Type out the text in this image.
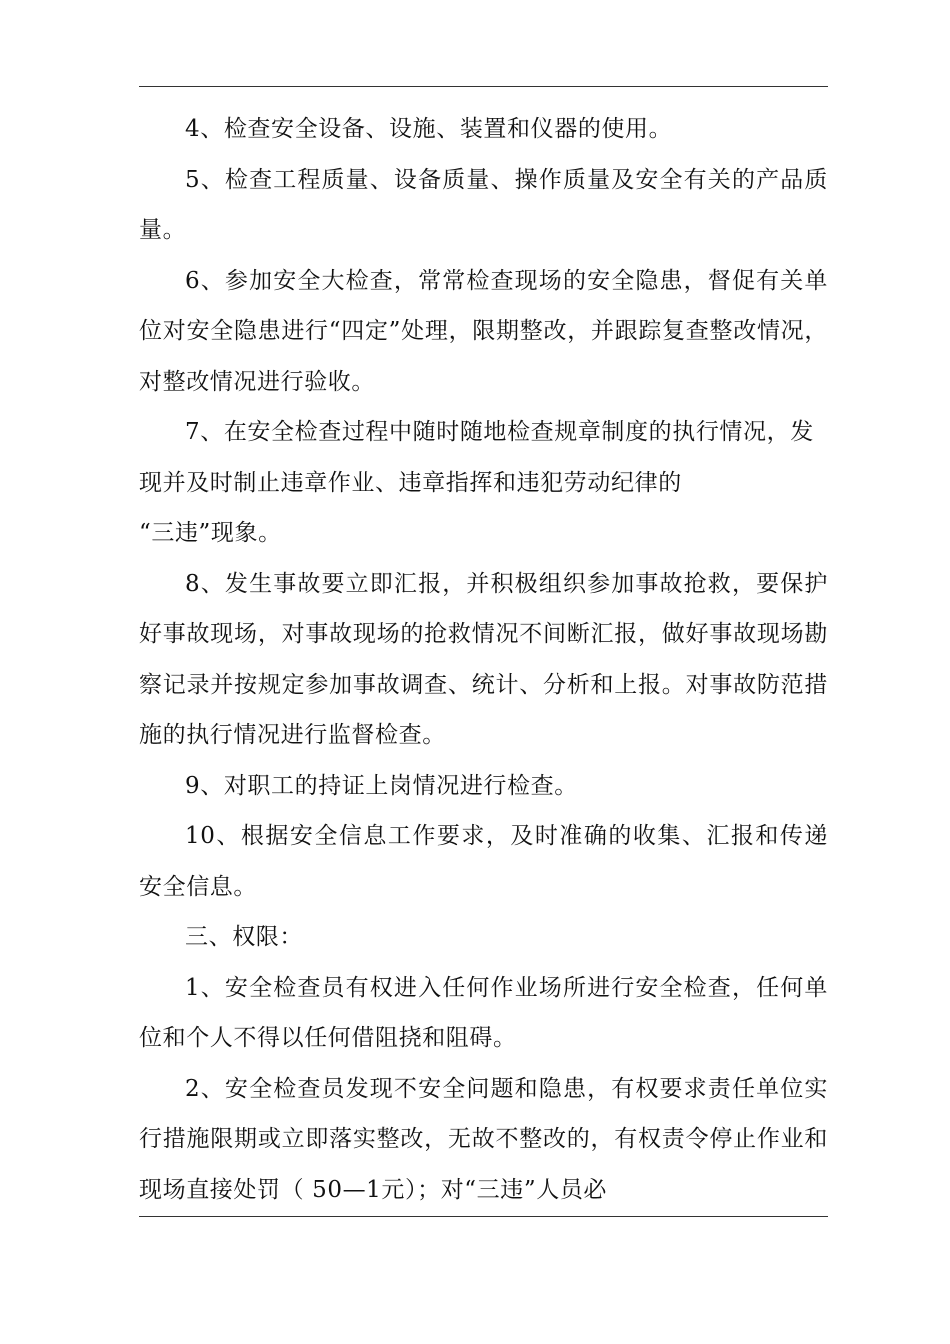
4、检查安全设备、设施、装置和仪器的使用。

5、检查工程质量、设备质量、操作质量及安全有关的产品质量。

6、参加安全大检查，常常检查现场的安全隐患，督促有关单位对安全隐患进行“四定”处理，限期整改，并跟踪复查整改情况，对整改情况进行验收。

7、在安全检查过程中随时随地检查规章制度的执行情况，发
现并及时制止违章作业、违章指挥和违犯劳动纪律的
“三违”现象。

8、发生事故要立即汇报，并积极组织参加事故抢救，要保护好事故现场，对事故现场的抢救情况不间断汇报，做好事故现场勘察记录并按规定参加事故调查、统计、分析和上报。对事故防范措施的执行情况进行监督检查。

9、对职工的持证上岗情况进行检查。

10、根据安全信息工作要求，及时准确的收集、汇报和传递安全信息。

三、权限：

1、安全检查员有权进入任何作业场所进行安全检查，任何单位和个人不得以任何借阻挠和阻碍。

2、安全检查员发现不安全问题和隐患，有权要求责任单位实行措施限期或立即落实整改，无故不整改的，有权责令停止作业和现场直接处罚（ 50—1元）；对“三违”人员必
